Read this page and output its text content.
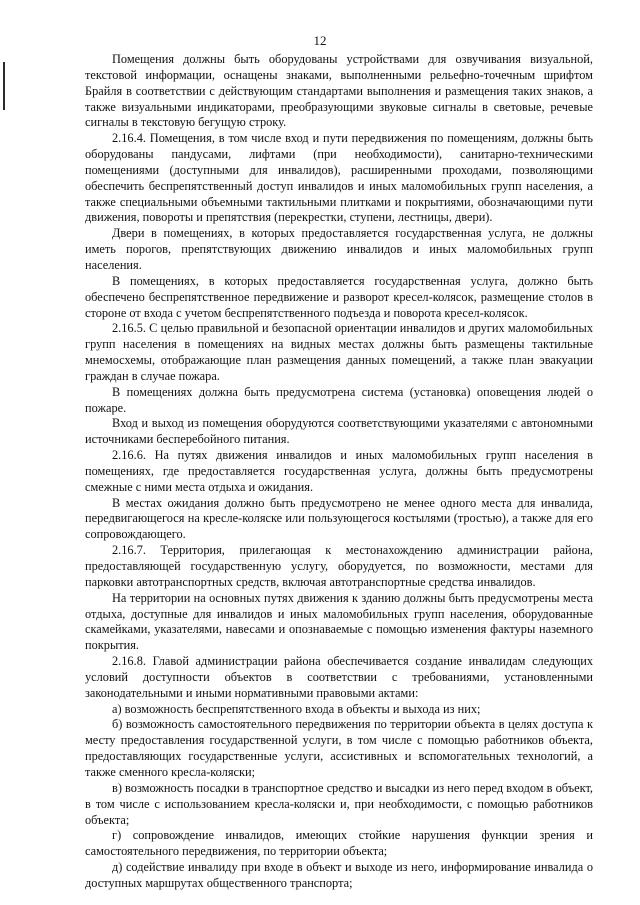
12

Помещения должны быть оборудованы устройствами для озвучивания визуальной, текстовой информации, оснащены знаками, выполненными рельефно-точечным шрифтом Брайля в соответствии с действующим стандартами выполнения и размещения таких знаков, а также визуальными индикаторами, преобразующими звуковые сигналы в световые, речевые сигналы в текстовую бегущую строку.

2.16.4. Помещения, в том числе вход и пути передвижения по помещениям, должны быть оборудованы пандусами, лифтами (при необходимости), санитарно-техническими помещениями (доступными для инвалидов), расширенными проходами, позволяющими обеспечить беспрепятственный доступ инвалидов и иных маломобильных групп населения, а также специальными объемными тактильными плитками и покрытиями, обозначающими пути движения, повороты и препятствия (перекрестки, ступени, лестницы, двери).

Двери в помещениях, в которых предоставляется государственная услуга, не должны иметь порогов, препятствующих движению инвалидов и иных маломобильных групп населения.

В помещениях, в которых предоставляется государственная услуга, должно быть обеспечено беспрепятственное передвижение и разворот кресел-колясок, размещение столов в стороне от входа с учетом беспрепятственного подъезда и поворота кресел-колясок.

2.16.5. С целью правильной и безопасной ориентации инвалидов и других маломобильных групп населения в помещениях на видных местах должны быть размещены тактильные мнемосхемы, отображающие план размещения данных помещений, а также план эвакуации граждан в случае пожара.

В помещениях должна быть предусмотрена система (установка) оповещения людей о пожаре.

Вход и выход из помещения оборудуются соответствующими указателями с автономными источниками бесперебойного питания.

2.16.6. На путях движения инвалидов и иных маломобильных групп населения в помещениях, где предоставляется государственная услуга, должны быть предусмотрены смежные с ними места отдыха и ожидания.

В местах ожидания должно быть предусмотрено не менее одного места для инвалида, передвигающегося на кресле-коляске или пользующегося костылями (тростью), а также для его сопровождающего.

2.16.7. Территория, прилегающая к местонахождению администрации района, предоставляющей государственную услугу, оборудуется, по возможности, местами для парковки автотранспортных средств, включая автотранспортные средства инвалидов.

На территории на основных путях движения к зданию должны быть предусмотрены места отдыха, доступные для инвалидов и иных маломобильных групп населения, оборудованные скамейками, указателями, навесами и опознаваемые с помощью изменения фактуры наземного покрытия.

2.16.8. Главой администрации района обеспечивается создание инвалидам следующих условий доступности объектов в соответствии с требованиями, установленными законодательными и иными нормативными правовыми актами:

а) возможность беспрепятственного входа в объекты и выхода из них;

б) возможность самостоятельного передвижения по территории объекта в целях доступа к месту предоставления государственной услуги, в том числе с помощью работников объекта, предоставляющих государственные услуги, ассистивных и вспомогательных технологий, а также сменного кресла-коляски;

в) возможность посадки в транспортное средство и высадки из него перед входом в объект, в том числе с использованием кресла-коляски и, при необходимости, с помощью работников объекта;

г) сопровождение инвалидов, имеющих стойкие нарушения функции зрения и самостоятельного передвижения, по территории объекта;

д) содействие инвалиду при входе в объект и выходе из него, информирование инвалида о доступных маршрутах общественного транспорта;
